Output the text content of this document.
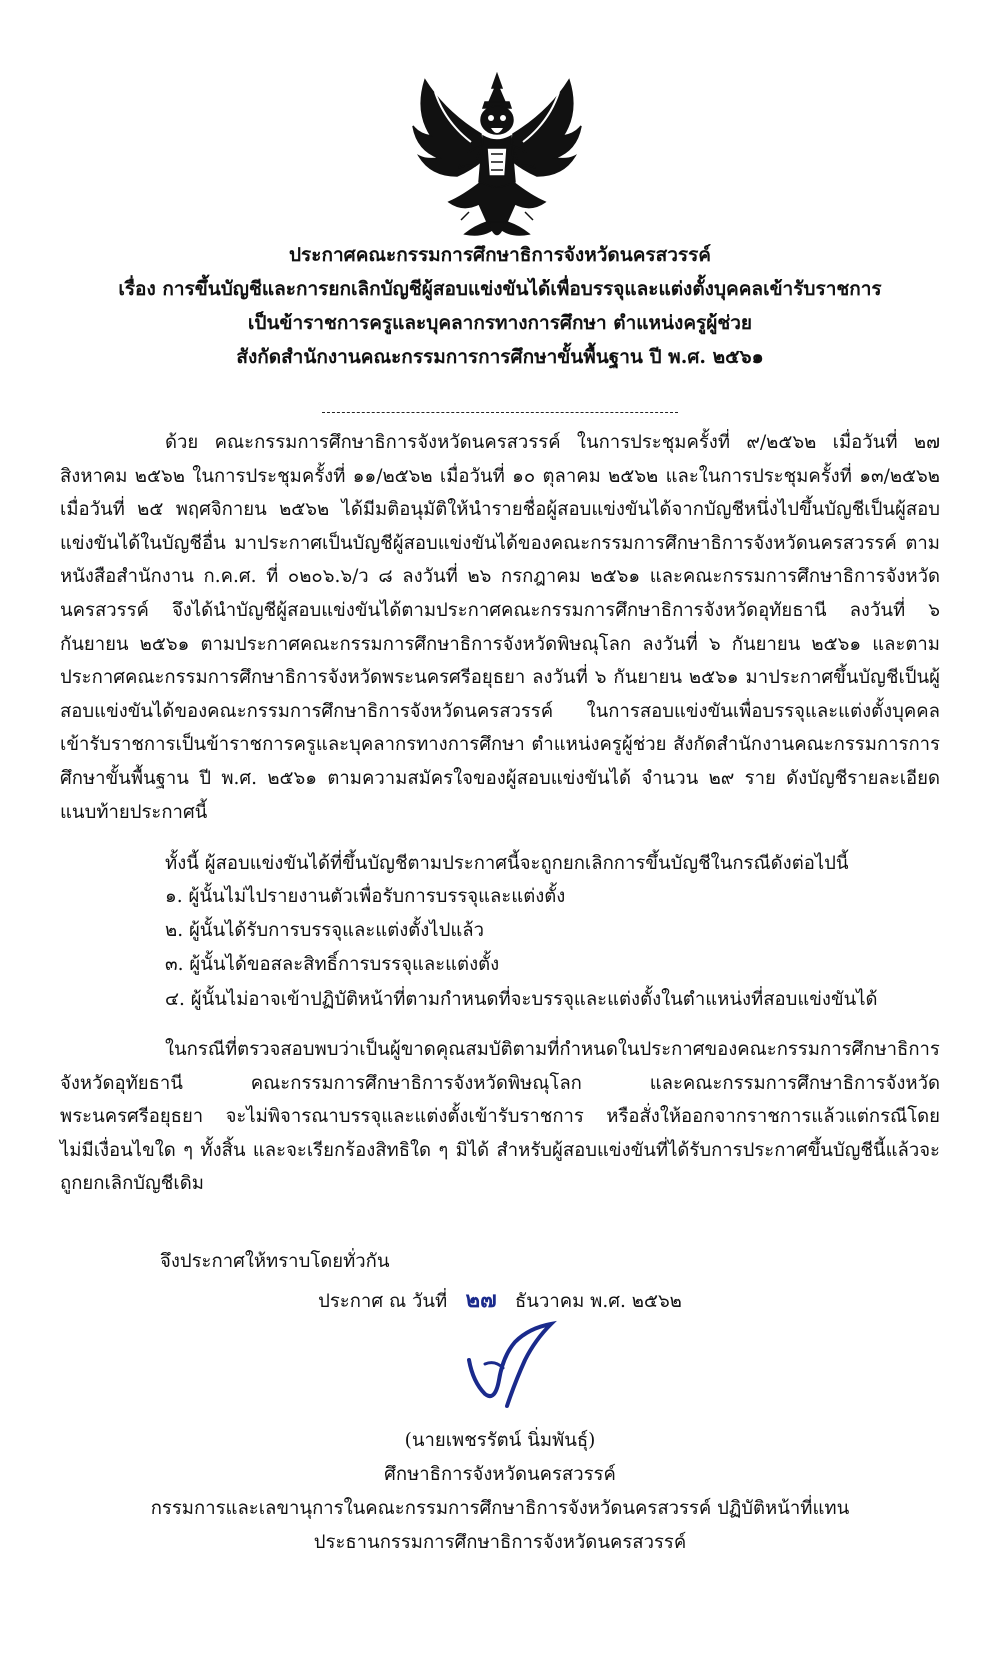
ประกาศคณะกรรมการศึกษาธิการจังหวัดนครสวรรค์
เรื่อง การขึ้นบัญชีและการยกเลิกบัญชีผู้สอบแข่งขันได้เพื่อบรรจุและแต่งตั้งบุคคลเข้ารับราชการ
เป็นข้าราชการครูและบุคลากรทางการศึกษา ตำแหน่งครูผู้ช่วย
สังกัดสำนักงานคณะกรรมการการศึกษาขั้นพื้นฐาน ปี พ.ศ. ๒๕๖๑

ด้วย คณะกรรมการศึกษาธิการจังหวัดนครสวรรค์ ในการประชุมครั้งที่ ๙/๒๕๖๒ เมื่อวันที่ ๒๗ สิงหาคม ๒๕๖๒ ในการประชุมครั้งที่ ๑๑/๒๕๖๒ เมื่อวันที่ ๑๐ ตุลาคม ๒๕๖๒ และในการประชุมครั้งที่ ๑๓/๒๕๖๒ เมื่อวันที่ ๒๕ พฤศจิกายน ๒๕๖๒ ได้มีมติอนุมัติให้นำรายชื่อผู้สอบแข่งขันได้จากบัญชีหนึ่งไปขึ้นบัญชีเป็นผู้สอบแข่งขันได้ในบัญชีอื่น มาประกาศเป็นบัญชีผู้สอบแข่งขันได้ของคณะกรรมการศึกษาธิการจังหวัดนครสวรรค์ ตามหนังสือสำนักงาน ก.ค.ศ. ที่ ๐๒๐๖.๖/ว ๘ ลงวันที่ ๒๖ กรกฎาคม ๒๕๖๑ และคณะกรรมการศึกษาธิการจังหวัดนครสวรรค์ จึงได้นำบัญชีผู้สอบแข่งขันได้ตามประกาศคณะกรรมการศึกษาธิการจังหวัดอุทัยธานี ลงวันที่ ๖ กันยายน ๒๕๖๑ ตามประกาศคณะกรรมการศึกษาธิการจังหวัดพิษณุโลก ลงวันที่ ๖ กันยายน ๒๕๖๑ และตามประกาศคณะกรรมการศึกษาธิการจังหวัดพระนครศรีอยุธยา ลงวันที่ ๖ กันยายน ๒๕๖๑ มาประกาศขึ้นบัญชีเป็นผู้สอบแข่งขันได้ของคณะกรรมการศึกษาธิการจังหวัดนครสวรรค์ ในการสอบแข่งขันเพื่อบรรจุและแต่งตั้งบุคคลเข้ารับราชการเป็นข้าราชการครูและบุคลากรทางการศึกษา ตำแหน่งครูผู้ช่วย สังกัดสำนักงานคณะกรรมการการศึกษาขั้นพื้นฐาน ปี พ.ศ. ๒๕๖๑ ตามความสมัครใจของผู้สอบแข่งขันได้ จำนวน ๒๙ ราย ดังบัญชีรายละเอียดแนบท้ายประกาศนี้

ทั้งนี้ ผู้สอบแข่งขันได้ที่ขึ้นบัญชีตามประกาศนี้จะถูกยกเลิกการขึ้นบัญชีในกรณีดังต่อไปนี้
๑. ผู้นั้นไม่ไปรายงานตัวเพื่อรับการบรรจุและแต่งตั้ง
๒. ผู้นั้นได้รับการบรรจุและแต่งตั้งไปแล้ว
๓. ผู้นั้นได้ขอสละสิทธิ์การบรรจุและแต่งตั้ง
๔. ผู้นั้นไม่อาจเข้าปฏิบัติหน้าที่ตามกำหนดที่จะบรรจุและแต่งตั้งในตำแหน่งที่สอบแข่งขันได้

ในกรณีที่ตรวจสอบพบว่าเป็นผู้ขาดคุณสมบัติตามที่กำหนดในประกาศของคณะกรรมการศึกษาธิการจังหวัดอุทัยธานี คณะกรรมการศึกษาธิการจังหวัดพิษณุโลก และคณะกรรมการศึกษาธิการจังหวัดพระนครศรีอยุธยา จะไม่พิจารณาบรรจุและแต่งตั้งเข้ารับราชการ หรือสั่งให้ออกจากราชการแล้วแต่กรณีโดยไม่มีเงื่อนไขใด ๆ ทั้งสิ้น และจะเรียกร้องสิทธิใด ๆ มิได้ สำหรับผู้สอบแข่งขันที่ได้รับการประกาศขึ้นบัญชีนี้แล้วจะถูกยกเลิกบัญชีเดิม

จึงประกาศให้ทราบโดยทั่วกัน
ประกาศ ณ วันที่ ๒๗ ธันวาคม พ.ศ. ๒๕๖๒
(นายเพชรรัตน์ นิ่มพันธุ์)
ศึกษาธิการจังหวัดนครสวรรค์
กรรมการและเลขานุการในคณะกรรมการศึกษาธิการจังหวัดนครสวรรค์ ปฏิบัติหน้าที่แทน
ประธานกรรมการศึกษาธิการจังหวัดนครสวรรค์
